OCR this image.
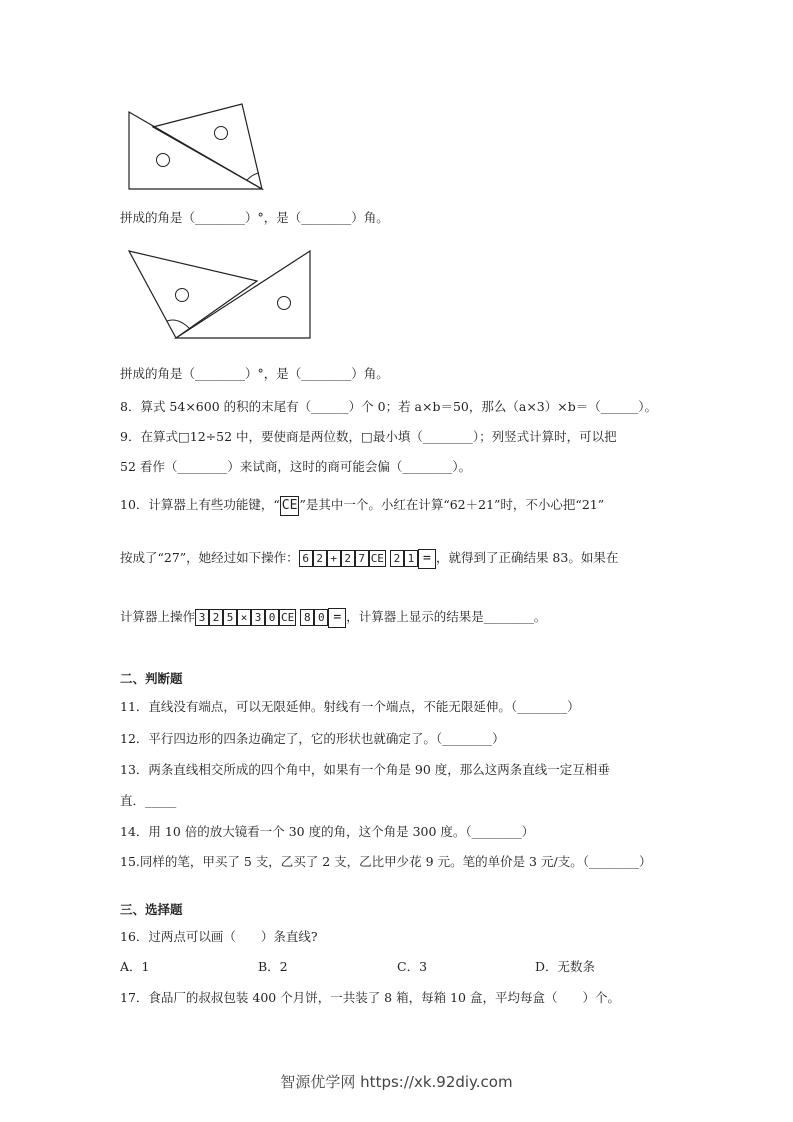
拼成的角是（________）°，是（________）角。
拼成的角是（________）°，是（________）角。
8．算式 54×600 的积的末尾有（______）个 0；若 a×b＝50，那么（a×3）×b＝（______）。
9．在算式□12÷52 中，要使商是两位数，□最小填（________）；列竖式计算时，可以把
52 看作（________）来试商，这时的商可能会偏（________）。
10．计算器上有些功能键，“ CE ”是其中一个。小红在计算“62＋21”时，不小心把“21”
按成了“27”，她经过如下操作： 6 2 + 2 7 CE 2 1 = ，就得到了正确结果 83。如果在
计算器上操作 3 2 5 × 3 0 CE 8 0 = ，计算器上显示的结果是________。
二、判断题
11．直线没有端点，可以无限延伸。射线有一个端点，不能无限延伸。（________）
12．平行四边形的四条边确定了，它的形状也就确定了。（________）
13．两条直线相交所成的四个角中，如果有一个角是 90 度，那么这两条直线一定互相垂
直．_____
14．用 10 倍的放大镜看一个 30 度的角，这个角是 300 度。（________）
15.同样的笔，甲买了 5 支，乙买了 2 支，乙比甲少花 9 元。笔的单价是 3 元/支。（________）
三、选择题
16．过两点可以画（　　）条直线?
A．1	B．2	C．3	D．无数条
17．食品厂的叔叔包装 400 个月饼，一共装了 8 箱，每箱 10 盒，平均每盒（　　）个。
智源优学网 https://xk.92diy.com
